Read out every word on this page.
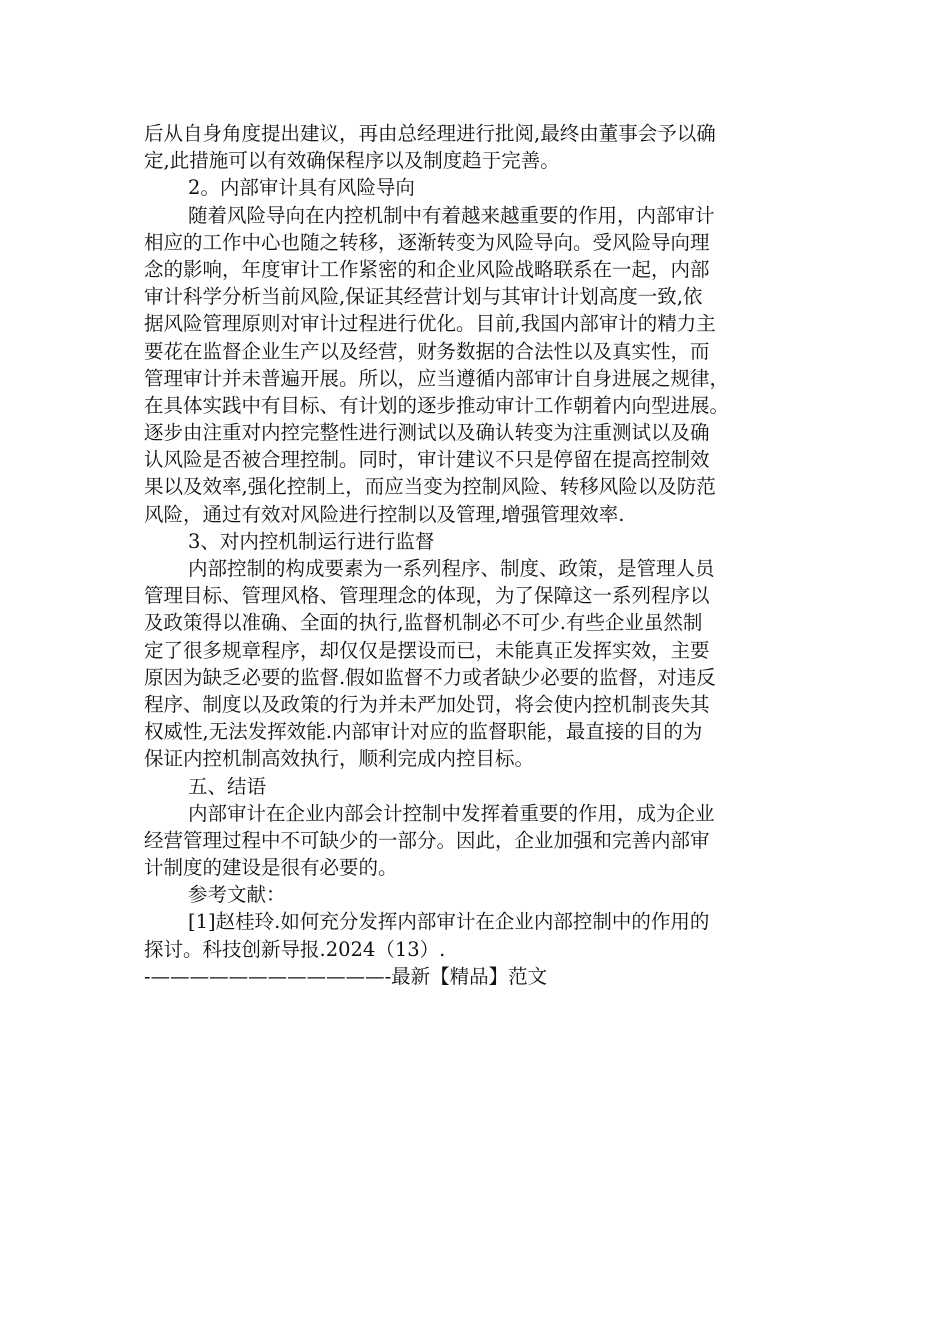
后从自身角度提出建议，再由总经理进行批阅,最终由董事会予以确
定,此措施可以有效确保程序以及制度趋于完善。
2。内部审计具有风险导向
随着风险导向在内控机制中有着越来越重要的作用，内部审计
相应的工作中心也随之转移，逐渐转变为风险导向。受风险导向理
念的影响，年度审计工作紧密的和企业风险战略联系在一起，内部
审计科学分析当前风险,保证其经营计划与其审计计划高度一致,依
据风险管理原则对审计过程进行优化。目前,我国内部审计的精力主
要花在监督企业生产以及经营，财务数据的合法性以及真实性，而
管理审计并未普遍开展。所以，应当遵循内部审计自身进展之规律，
在具体实践中有目标、有计划的逐步推动审计工作朝着内向型进展。
逐步由注重对内控完整性进行测试以及确认转变为注重测试以及确
认风险是否被合理控制。同时，审计建议不只是停留在提高控制效
果以及效率,强化控制上，而应当变为控制风险、转移风险以及防范
风险，通过有效对风险进行控制以及管理,增强管理效率.
3、对内控机制运行进行监督
内部控制的构成要素为一系列程序、制度、政策，是管理人员
管理目标、管理风格、管理理念的体现，为了保障这一系列程序以
及政策得以准确、全面的执行,监督机制必不可少.有些企业虽然制
定了很多规章程序，却仅仅是摆设而已，未能真正发挥实效，主要
原因为缺乏必要的监督.假如监督不力或者缺少必要的监督，对违反
程序、制度以及政策的行为并未严加处罚，将会使内控机制丧失其
权威性,无法发挥效能.内部审计对应的监督职能，最直接的目的为
保证内控机制高效执行，顺利完成内控目标。
五、结语
内部审计在企业内部会计控制中发挥着重要的作用，成为企业
经营管理过程中不可缺少的一部分。因此，企业加强和完善内部审
计制度的建设是很有必要的。
参考文献：
[1]赵桂玲.如何充分发挥内部审计在企业内部控制中的作用的
探讨。科技创新导报.2024（13）.
-————————————-最新【精品】范文
